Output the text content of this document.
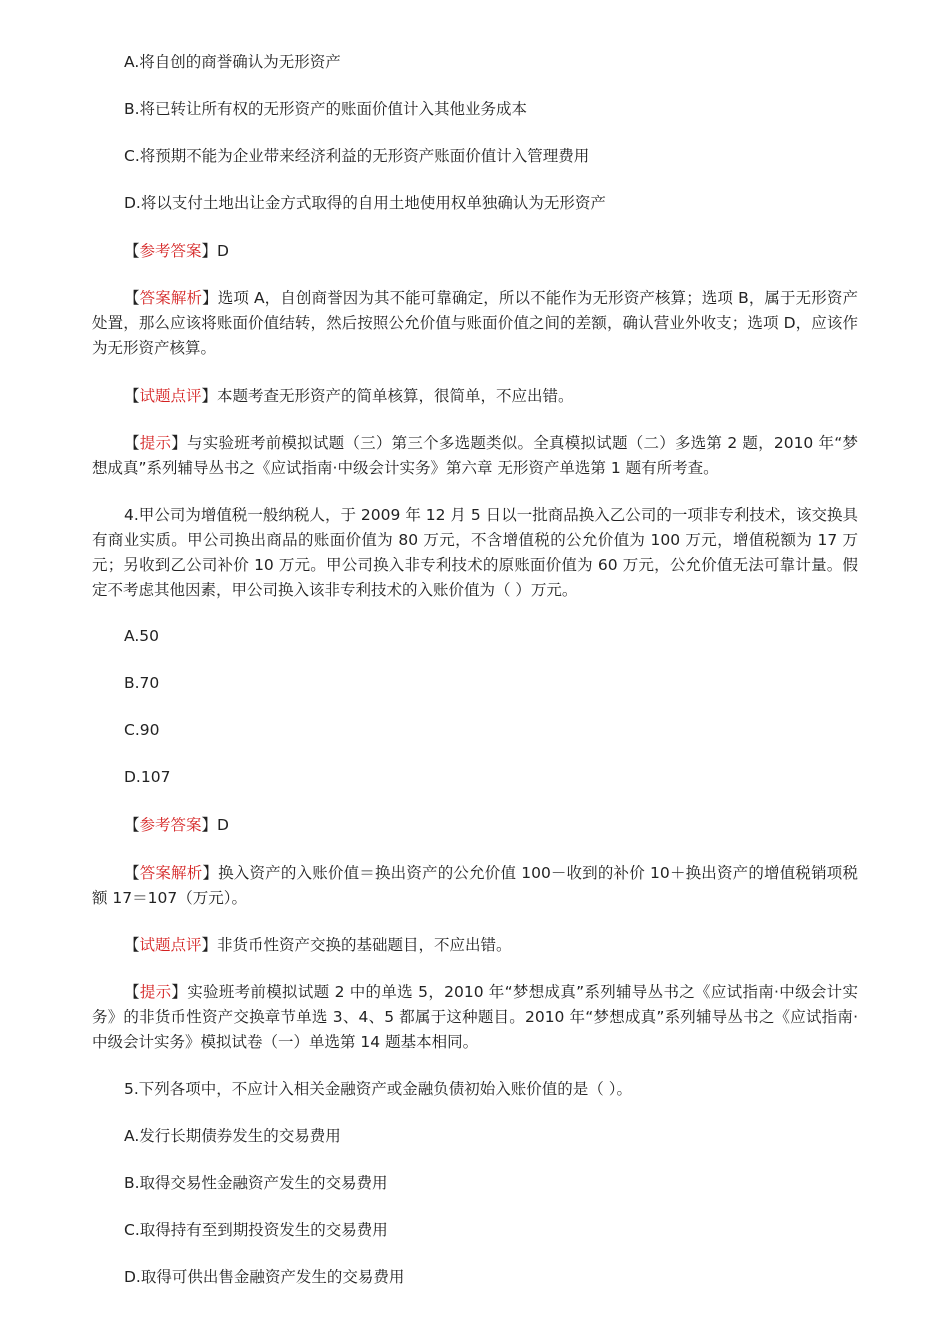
A.将自创的商誉确认为无形资产

B.将已转让所有权的无形资产的账面价值计入其他业务成本

C.将预期不能为企业带来经济利益的无形资产账面价值计入管理费用

D.将以支付土地出让金方式取得的自用土地使用权单独确认为无形资产

【参考答案】D

【答案解析】选项 A，自创商誉因为其不能可靠确定，所以不能作为无形资产核算；选项 B，属于无形资产处置，那么应该将账面价值结转，然后按照公允价值与账面价值之间的差额，确认营业外收支；选项 D，应该作为无形资产核算。

【试题点评】本题考查无形资产的简单核算，很简单，不应出错。

【提示】与实验班考前模拟试题（三）第三个多选题类似。全真模拟试题（二）多选第 2 题，2010 年“梦想成真”系列辅导丛书之《应试指南·中级会计实务》第六章 无形资产单选第 1 题有所考查。

4.甲公司为增值税一般纳税人，于 2009 年 12 月 5 日以一批商品换入乙公司的一项非专利技术，该交换具有商业实质。甲公司换出商品的账面价值为 80 万元，不含增值税的公允价值为 100 万元，增值税额为 17 万元；另收到乙公司补价 10 万元。甲公司换入非专利技术的原账面价值为 60 万元，公允价值无法可靠计量。假定不考虑其他因素，甲公司换入该非专利技术的入账价值为（ ）万元。

A.50

B.70

C.90

D.107

【参考答案】D

【答案解析】换入资产的入账价值＝换出资产的公允价值 100－收到的补价 10＋换出资产的增值税销项税额 17＝107（万元）。

【试题点评】非货币性资产交换的基础题目，不应出错。

【提示】实验班考前模拟试题 2 中的单选 5，2010 年“梦想成真”系列辅导丛书之《应试指南·中级会计实务》的非货币性资产交换章节单选 3、4、5 都属于这种题目。2010 年“梦想成真”系列辅导丛书之《应试指南·中级会计实务》模拟试卷（一）单选第 14 题基本相同。

5.下列各项中，不应计入相关金融资产或金融负债初始入账价值的是（ ）。

A.发行长期债券发生的交易费用

B.取得交易性金融资产发生的交易费用

C.取得持有至到期投资发生的交易费用

D.取得可供出售金融资产发生的交易费用
